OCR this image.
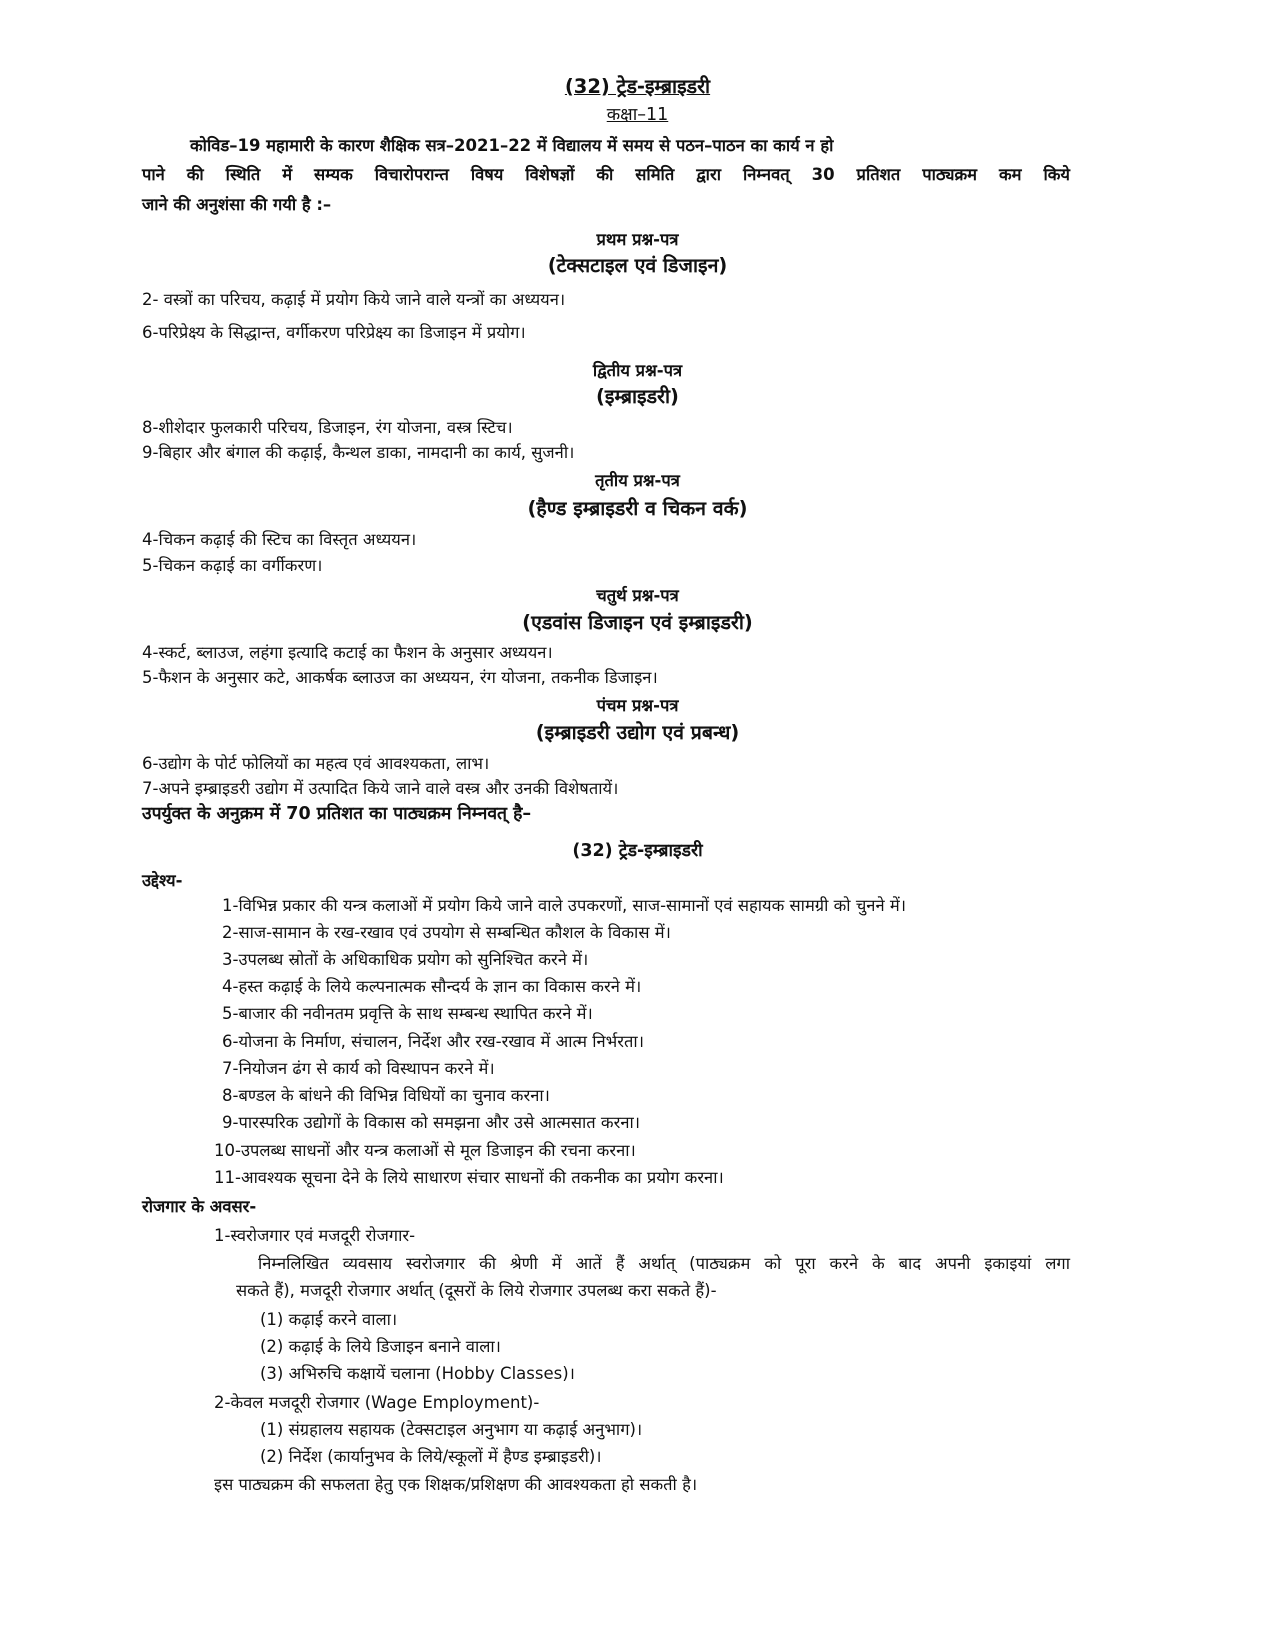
(32) ट्रेड-इम्ब्राइडरी
कक्षा–11
कोविड–19 महामारी के कारण शैक्षिक सत्र–2021–22 में विद्यालय में समय से पठन–पाठन का कार्य न हो
पाने की स्थिति में सम्यक विचारोपरान्त विषय विशेषज्ञों की समिति द्वारा निम्नवत् 30 प्रतिशत पाठ्यक्रम कम किये
जाने की अनुशंसा की गयी है :–
प्रथम प्रश्न-पत्र
(टेक्सटाइल एवं डिजाइन)
2- वस्त्रों का परिचय, कढ़ाई में प्रयोग किये जाने वाले यन्त्रों का अध्ययन।
6-परिप्रेक्ष्य के सिद्धान्त, वर्गीकरण परिप्रेक्ष्य का डिजाइन में प्रयोग।
द्वितीय प्रश्न-पत्र
(इम्ब्राइडरी)
8-शीशेदार फुलकारी परिचय, डिजाइन, रंग योजना, वस्त्र स्टिच।
9-बिहार और बंगाल की कढ़ाई, कैन्थल डाका, नामदानी का कार्य, सुजनी।
तृतीय प्रश्न-पत्र
(हैण्ड इम्ब्राइडरी व चिकन वर्क)
4-चिकन कढ़ाई की स्टिच का विस्तृत अध्ययन।
5-चिकन कढ़ाई का वर्गीकरण।
चतुर्थ प्रश्न-पत्र
(एडवांस डिजाइन एवं इम्ब्राइडरी)
4-स्कर्ट, ब्लाउज, लहंगा इत्यादि कटाई का फैशन के अनुसार अध्ययन।
5-फैशन के अनुसार कटे, आकर्षक ब्लाउज का अध्ययन, रंग योजना, तकनीक डिजाइन।
पंचम प्रश्न-पत्र
(इम्ब्राइडरी उद्योग एवं प्रबन्ध)
6-उद्योग के पोर्ट फोलियों का महत्व एवं आवश्यकता, लाभ।
7-अपने इम्ब्राइडरी उद्योग में उत्पादित किये जाने वाले वस्त्र और उनकी विशेषतायें।
उपर्युक्त के अनुक्रम में 70 प्रतिशत का पाठ्यक्रम निम्नवत् है–
(32) ट्रेड-इम्ब्राइडरी
उद्देश्य-
1-विभिन्न प्रकार की यन्त्र कलाओं में प्रयोग किये जाने वाले उपकरणों, साज-सामानों एवं सहायक सामग्री को चुनने में।
2-साज-सामान के रख-रखाव एवं उपयोग से सम्बन्धित कौशल के विकास में।
3-उपलब्ध स्रोतों के अधिकाधिक प्रयोग को सुनिश्चित करने में।
4-हस्त कढ़ाई के लिये कल्पनात्मक सौन्दर्य के ज्ञान का विकास करने में।
5-बाजार की नवीनतम प्रवृत्ति के साथ सम्बन्ध स्थापित करने में।
6-योजना के निर्माण, संचालन, निर्देश और रख-रखाव में आत्म निर्भरता।
7-नियोजन ढंग से कार्य को विस्थापन करने में।
8-बण्डल के बांधने की विभिन्न विधियों का चुनाव करना।
9-पारस्परिक उद्योगों के विकास को समझना और उसे आत्मसात करना।
10-उपलब्ध साधनों और यन्त्र कलाओं से मूल डिजाइन की रचना करना।
11-आवश्यक सूचना देने के लिये साधारण संचार साधनों की तकनीक का प्रयोग करना।
रोजगार के अवसर-
1-स्वरोजगार एवं मजदूरी रोजगार-
निम्नलिखित व्यवसाय स्वरोजगार की श्रेणी में आतें हैं अर्थात् (पाठ्यक्रम को पूरा करने के बाद अपनी इकाइयां लगा
सकते हैं), मजदूरी रोजगार अर्थात् (दूसरों के लिये रोजगार उपलब्ध करा सकते हैं)-
(1) कढ़ाई करने वाला।
(2) कढ़ाई के लिये डिजाइन बनाने वाला।
(3) अभिरुचि कक्षायें चलाना (Hobby Classes)।
2-केवल मजदूरी रोजगार (Wage Employment)-
(1) संग्रहालय सहायक (टेक्सटाइल अनुभाग या कढ़ाई अनुभाग)।
(2) निर्देश (कार्यानुभव के लिये/स्कूलों में हैण्ड इम्ब्राइडरी)।
इस पाठ्यक्रम की सफलता हेतु एक शिक्षक/प्रशिक्षण की आवश्यकता हो सकती है।
